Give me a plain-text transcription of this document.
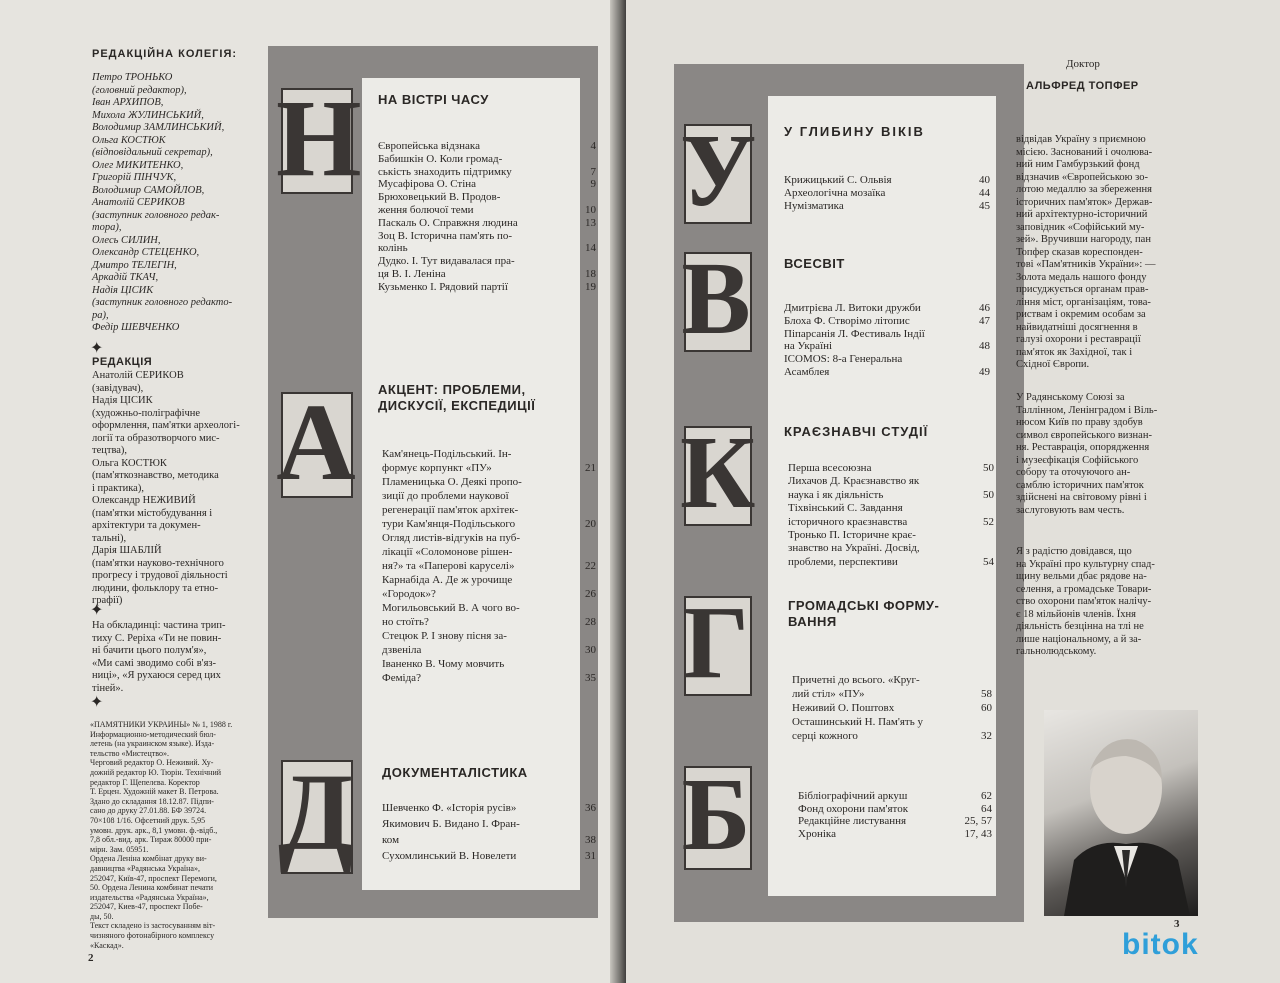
РЕДАКЦІЙНА КОЛЕГІЯ:
Петро ТРОНЬКО
(головний редактор),
Іван АРХИПОВ,
Михола ЖУЛИНСЬКИЙ,
Володимир ЗАМЛИНСЬКИЙ,
Ольга КОСТЮК
(відповідальний секретар),
Олег МИКИТЕНКО,
Григорій ПІНЧУК,
Володимир САМОЙЛОВ,
Анатолій СЕРИКОВ
(заступник головного редак-
тора),
Олесь СИЛИН,
Олександр СТЕЦЕНКО,
Дмитро ТЕЛЕГІН,
Аркадій ТКАЧ,
Надія ЦІСИК
(заступник головного редакто-
ра),
Федір ШЕВЧЕНКО
✦
РЕДАКЦІЯ
Анатолій СЕРИКОВ
(завідувач),
Надія ЦІСИК
(художньо-поліграфічне
оформлення, пам'ятки археологі-
логії та образотворчого мис-
тецтва),
Ольга КОСТЮК
(пам'яткознавство, методика
і практика),
Олександр НЕЖИВИЙ
(пам'ятки містобудування і
архітектури та докумен-
тальні),
Дарія ШАБЛІЙ
(пам'ятки науково-технічного
прогресу і трудової діяльності
людини, фольклору та етно-
графії)
✦
На обкладинці: частина трип-
тиху С. Реріха «Ти не повин-
ні бачити цього полум'я»,
«Ми самі зводимо собі в'яз-
ниці», «Я рухаюся серед цих
тіней».
✦
«ПАМЯТНИКИ УКРАИНЫ» № 1, 1988 г.
Информационно-методический бюл-
летень (на украинском языке). Изда-
тельство «Мистецтво».
Черговий редактор О. Неживий. Ху-
дожній редактор Ю. Тюрін. Технічний
редактор Г. Щепелєва. Коректор
Т. Ерцен. Художній макет В. Петрова.
Здано до складання 18.12.87. Підпи-
сано до друку 27.01.88. БФ 39724.
70×108 1/16. Офсетний друк. 5,95
умовн. друк. арк., 8,1 умовн. ф.-відб.,
7,8 обл.-вид. арк. Тираж 80000 при-
мірн. Зам. 05951.
Ордена Леніна комбінат друку ви-
давництва «Радянська Україна»,
252047, Київ-47, проспект Перемоги,
50. Ордена Ленина комбинат печати
издательства «Радянська Україна»,
252047, Киев-47, проспект Побе-
ды, 50.
Текст складено із застосуванням віт-
чизняного фотонабірного комплексу
«Каскад».
2
Н
А
Д
НА ВІСТРІ ЧАСУ
АКЦЕНТ: ПРОБЛЕМИ,
ДИСКУСІЇ, ЕКСПЕДИЦІЇ
ДОКУМЕНТАЛІСТИКА
Європейська відзнака	4
Бабишкін О. Коли громад-
ськість знаходить підтримку	7
Мусафірова О. Стіна	9
Брюховецький В. Продов-
ження болючої теми	10
Паскаль О. Справжня людина	13
Зоц В. Історична пам'ять по-
колінь	14
Дудко. І. Тут видавалася пра-
ця В. І. Леніна	18
Кузьменко І. Рядовий партії	19
Кам'янець-Подільський. Ін-
формує корпункт «ПУ»	21
Пламеницька О. Деякі пропо-
зиції до проблеми наукової
регенерації пам'яток архітек-
тури Кам'янця-Подільського	20
Огляд листів-відгуків на пуб-
лікації «Соломонове рішен-
ня?» та «Паперові каруселі»	22
Карнабіда А. Де ж урочище
«Городок»?	26
Могильовський В. А чого во-
но стоїть?	28
Стецюк Р. І знову пісня за-
дзвеніла	30
Іваненко В. Чому мовчить
Феміда?	35
Шевченко Ф. «Історія русів»	36
Якимович Б. Видано І. Фран-
ком	38
Сухомлинський В. Новелети	31
У
В
К
Г
Б
У ГЛИБИНУ ВІКІВ
ВСЕСВІТ
КРАЄЗНАВЧІ СТУДІЇ
ГРОМАДСЬКІ ФОРМУ-
ВАННЯ
Крижицький С. Ольвія	40
Археологічна мозаїка	44
Нумізматика	45
Дмитрієва Л. Витоки дружби	46
Блоха Ф. Створімо літопис	47
Піпарсанія Л. Фестиваль Індії
на Україні	48
ICOMOS: 8-а Генеральна
Асамблея	49
Перша всесоюзна	50
Лихачов Д. Краєзнавство як
наука і як діяльність	50
Тіхвінський С. Завдання
історичного краєзнавства	52
Тронько П. Історичне крає-
знавство на Україні. Досвід,
проблеми, перспективи	54
Причетні до всього. «Круг-
лий стіл» «ПУ»	58
Неживий О. Поштовх	60
Осташинський Н. Пам'ять у
серці кожного	32
Бібліографічний аркуш	62
Фонд охорони пам'яток	64
Редакційне листування	25, 57
Хроніка	17, 43
Доктор
АЛЬФРЕД ТОПФЕР
відвідав Україну з приємною
місією. Заснований і очолюва-
ний ним Гамбурзький фонд
відзначив «Європейською зо-
лотою медаллю за збереження
історичних пам'яток» Держав-
ний архітектурно-історичний
заповідник «Софійський му-
зей». Вручивши нагороду, пан
Топфер сказав кореспонден-
тові «Пам'ятників України»: —
Золота медаль нашого фонду
присуджується органам прав-
ління міст, організаціям, това-
риствам і окремим особам за
найвидатніші досягнення в
галузі охорони і реставрації
пам'яток як Західної, так і
Східної Європи.
У Радянському Союзі за
Таллінном, Ленінградом і Віль-
нюсом Київ по праву здобув
символ європейського визнан-
ня. Реставрація, опорядження
і музеєфікація Софійського
собору та оточуючого ан-
самблю історичних пам'яток
здійснені на світовому рівні і
заслуговують вам честь.
Я з радістю довідався, що
на Україні про культурну спад-
щину вельми дбає рядове на-
селення, а громадське Товари-
ство охорони пам'яток налічу-
є 18 мільйонів членів. Їхня
діяльність безцінна на тлі не
лише національному, а й за-
гальнолюдському.
3
bitok
